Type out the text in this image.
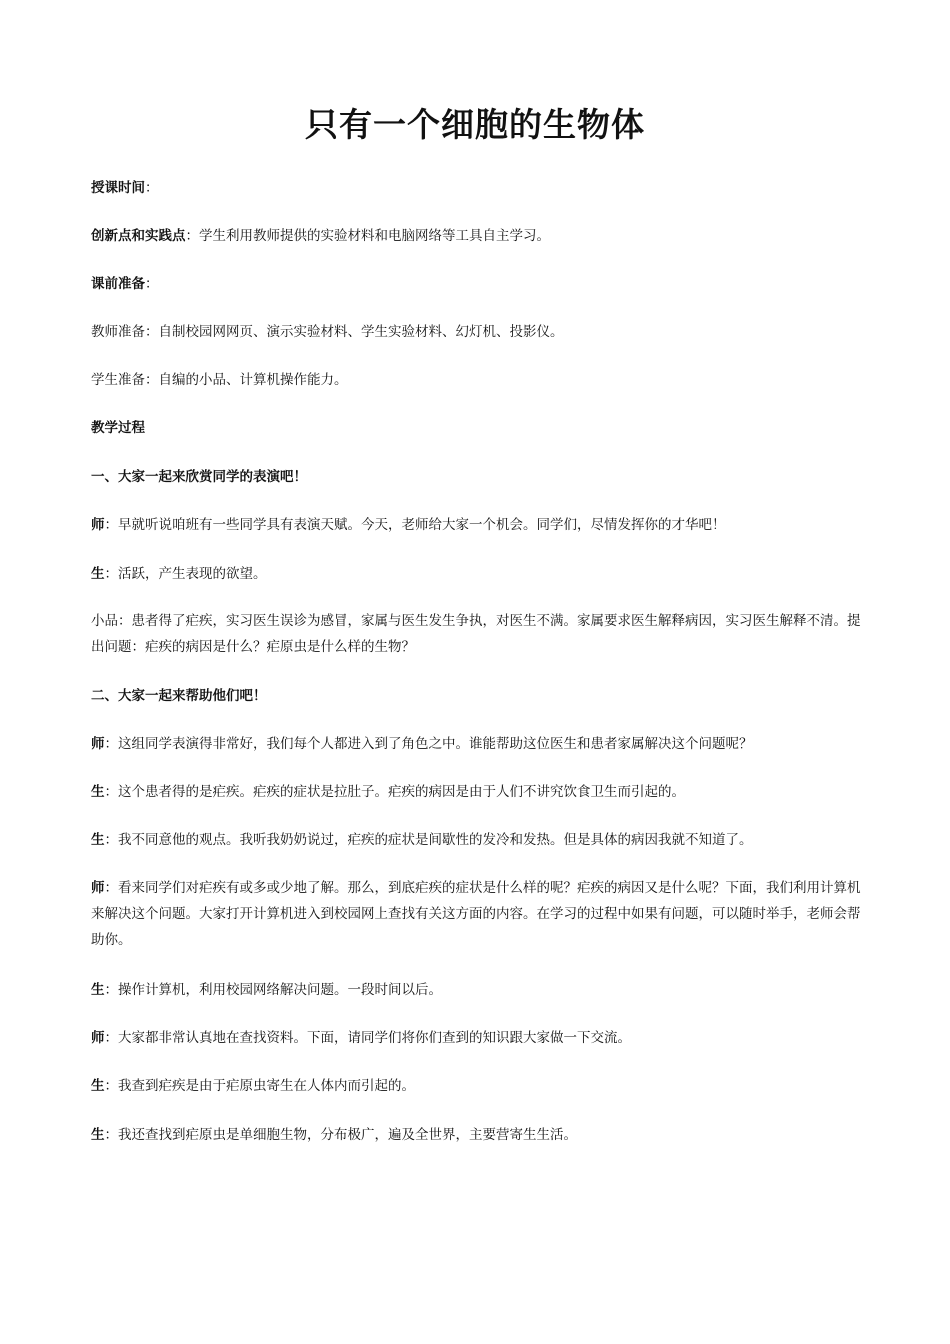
只有一个细胞的生物体

授课时间：

创新点和实践点：学生利用教师提供的实验材料和电脑网络等工具自主学习。

课前准备：

教师准备：自制校园网网页、演示实验材料、学生实验材料、幻灯机、投影仪。

学生准备：自编的小品、计算机操作能力。

教学过程

一、大家一起来欣赏同学的表演吧！

师：早就听说咱班有一些同学具有表演天赋。今天，老师给大家一个机会。同学们，尽情发挥你的才华吧！

生：活跃，产生表现的欲望。

小品：患者得了疟疾，实习医生误诊为感冒，家属与医生发生争执，对医生不满。家属要求医生解释病因，实习医生解释不清。提出问题：疟疾的病因是什么？疟原虫是什么样的生物？

二、大家一起来帮助他们吧！

师：这组同学表演得非常好，我们每个人都进入到了角色之中。谁能帮助这位医生和患者家属解决这个问题呢？

生：这个患者得的是疟疾。疟疾的症状是拉肚子。疟疾的病因是由于人们不讲究饮食卫生而引起的。

生：我不同意他的观点。我听我奶奶说过，疟疾的症状是间歇性的发冷和发热。但是具体的病因我就不知道了。

师：看来同学们对疟疾有或多或少地了解。那么，到底疟疾的症状是什么样的呢？疟疾的病因又是什么呢？下面，我们利用计算机来解决这个问题。大家打开计算机进入到校园网上查找有关这方面的内容。在学习的过程中如果有问题，可以随时举手，老师会帮助你。

生：操作计算机，利用校园网络解决问题。一段时间以后。

师：大家都非常认真地在查找资料。下面，请同学们将你们查到的知识跟大家做一下交流。

生：我查到疟疾是由于疟原虫寄生在人体内而引起的。

生：我还查找到疟原虫是单细胞生物，分布极广，遍及全世界，主要营寄生生活。
